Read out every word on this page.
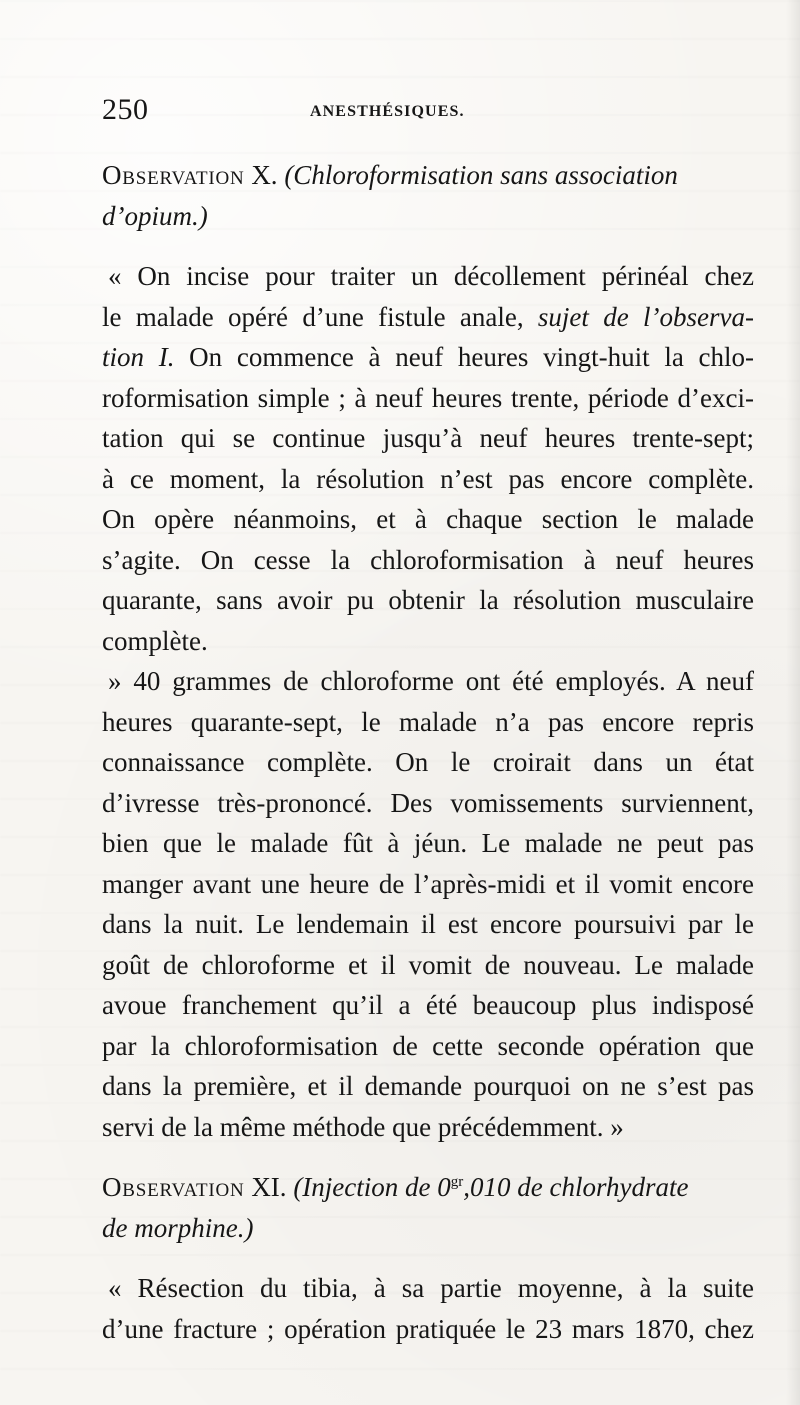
250	ANESTHÉSIQUES.
Observation X. (Chloroformisation sans association
d’opium.)
« On incise pour traiter un décollement périnéal chez
le malade opéré d’une fistule anale, sujet de l’observa-
tion I. On commence à neuf heures vingt-huit la chlo-
roformisation simple ; à neuf heures trente, période d’exci-
tation qui se continue jusqu’à neuf heures trente-sept;
à ce moment, la résolution n’est pas encore complète.
On opère néanmoins, et à chaque section le malade
s’agite. On cesse la chloroformisation à neuf heures
quarante, sans avoir pu obtenir la résolution musculaire
complète.
» 40 grammes de chloroforme ont été employés. A neuf
heures quarante-sept, le malade n’a pas encore repris
connaissance complète. On le croirait dans un état
d’ivresse très-prononcé. Des vomissements surviennent,
bien que le malade fût à jéun. Le malade ne peut pas
manger avant une heure de l’après-midi et il vomit encore
dans la nuit. Le lendemain il est encore poursuivi par le
goût de chloroforme et il vomit de nouveau. Le malade
avoue franchement qu’il a été beaucoup plus indisposé
par la chloroformisation de cette seconde opération que
dans la première, et il demande pourquoi on ne s’est pas
servi de la même méthode que précédemment. »
Observation XI. (Injection de $0^{gr},010$ de chlorhydrate
de morphine.)
« Résection du tibia, à sa partie moyenne, à la suite
d’une fracture ; opération pratiquée le 23 mars 1870, chez
